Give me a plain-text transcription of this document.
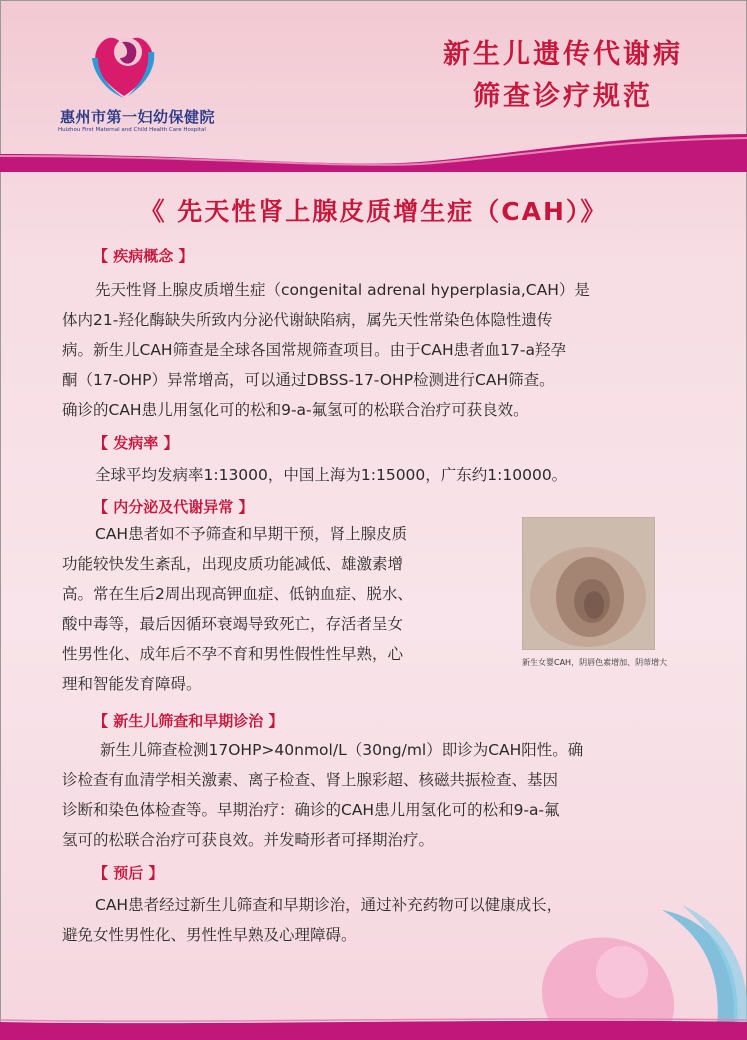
惠州市第一妇幼保健院
Huizhou First Maternal and Child Health Care Hospital
新生儿遗传代谢病
筛查诊疗规范
《 先天性肾上腺皮质增生症（CAH）》
【 疾病概念 】
先天性肾上腺皮质增生症（congenital adrenal hyperplasia,CAH）是
体内21-羟化酶缺失所致内分泌代谢缺陷病，属先天性常染色体隐性遗传
病。新生儿CAH筛查是全球各国常规筛查项目。由于CAH患者血17-a羟孕
酮（17-OHP）异常增高，可以通过DBSS-17-OHP检测进行CAH筛查。
确诊的CAH患儿用氢化可的松和9-a-氟氢可的松联合治疗可获良效。
【 发病率 】
全球平均发病率1:13000，中国上海为1:15000，广东约1:10000。
【 内分泌及代谢异常 】
CAH患者如不予筛查和早期干预，肾上腺皮质
功能较快发生紊乱，出现皮质功能减低、雄激素增
高。常在生后2周出现高钾血症、低钠血症、脱水、
酸中毒等，最后因循环衰竭导致死亡，存活者呈女
性男性化、成年后不孕不育和男性假性性早熟，心
理和智能发育障碍。
新生女婴CAH，阴唇色素增加、阴蒂增大
【 新生儿筛查和早期诊治 】
新生儿筛查检测17OHP>40nmol/L（30ng/ml）即诊为CAH阳性。确
诊检查有血清学相关激素、离子检查、肾上腺彩超、核磁共振检查、基因
诊断和染色体检查等。早期治疗：确诊的CAH患儿用氢化可的松和9-a-氟
氢可的松联合治疗可获良效。并发畸形者可择期治疗。
【 预后 】
CAH患者经过新生儿筛查和早期诊治，通过补充药物可以健康成长，
避免女性男性化、男性性早熟及心理障碍。
